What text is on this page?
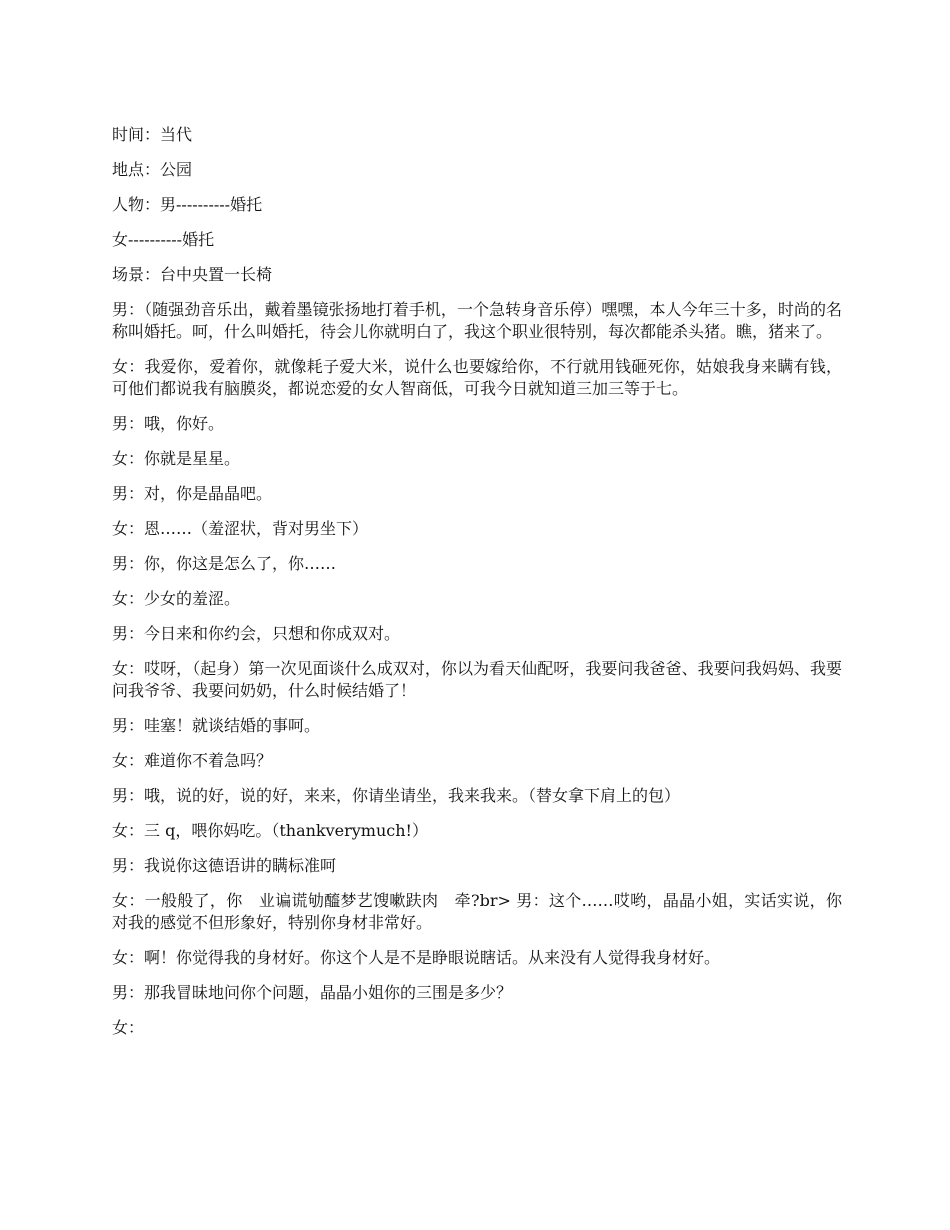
时间：当代

地点：公园

人物：男----------婚托

女----------婚托

场景：台中央置一长椅

男：（随强劲音乐出，戴着墨镜张扬地打着手机，一个急转身音乐停）嘿嘿，本人今年三十多，时尚的名称叫婚托。呵，什么叫婚托，待会儿你就明白了，我这个职业很特别，每次都能杀头猪。瞧，猪来了。

女：我爱你，爱着你，就像耗子爱大米，说什么也要嫁给你，不行就用钱砸死你，姑娘我身来瞒有钱，可他们都说我有脑膜炎，都说恋爱的女人智商低，可我今日就知道三加三等于七。

男：哦，你好。

女：你就是星星。

男：对，你是晶晶吧。

女：恩……（羞涩状，背对男坐下）

男：你，你这是怎么了，你……

女：少女的羞涩。

男：今日来和你约会，只想和你成双对。

女：哎呀，（起身）第一次见面谈什么成双对，你以为看天仙配呀，我要问我爸爸、我要问我妈妈、我要问我爷爷、我要问奶奶，什么时候结婚了！

男：哇塞！就谈结婚的事呵。

女：难道你不着急吗？

男：哦，说的好，说的好，来来，你请坐请坐，我来我来。（替女拿下肩上的包）

女：三 q，喂你妈吃。（thankverymuch!）

男：我说你这德语讲的瞒标准呵

女：一般般了，你　业谝谎劬醯梦艺馊嗽趺肉　牵?br> 男：这个……哎哟，晶晶小姐，实话实说，你对我的感觉不但形象好，特别你身材非常好。

女：啊！你觉得我的身材好。你这个人是不是睁眼说瞎话。从来没有人觉得我身材好。

男：那我冒昧地问你个问题，晶晶小姐你的三围是多少？

女：
